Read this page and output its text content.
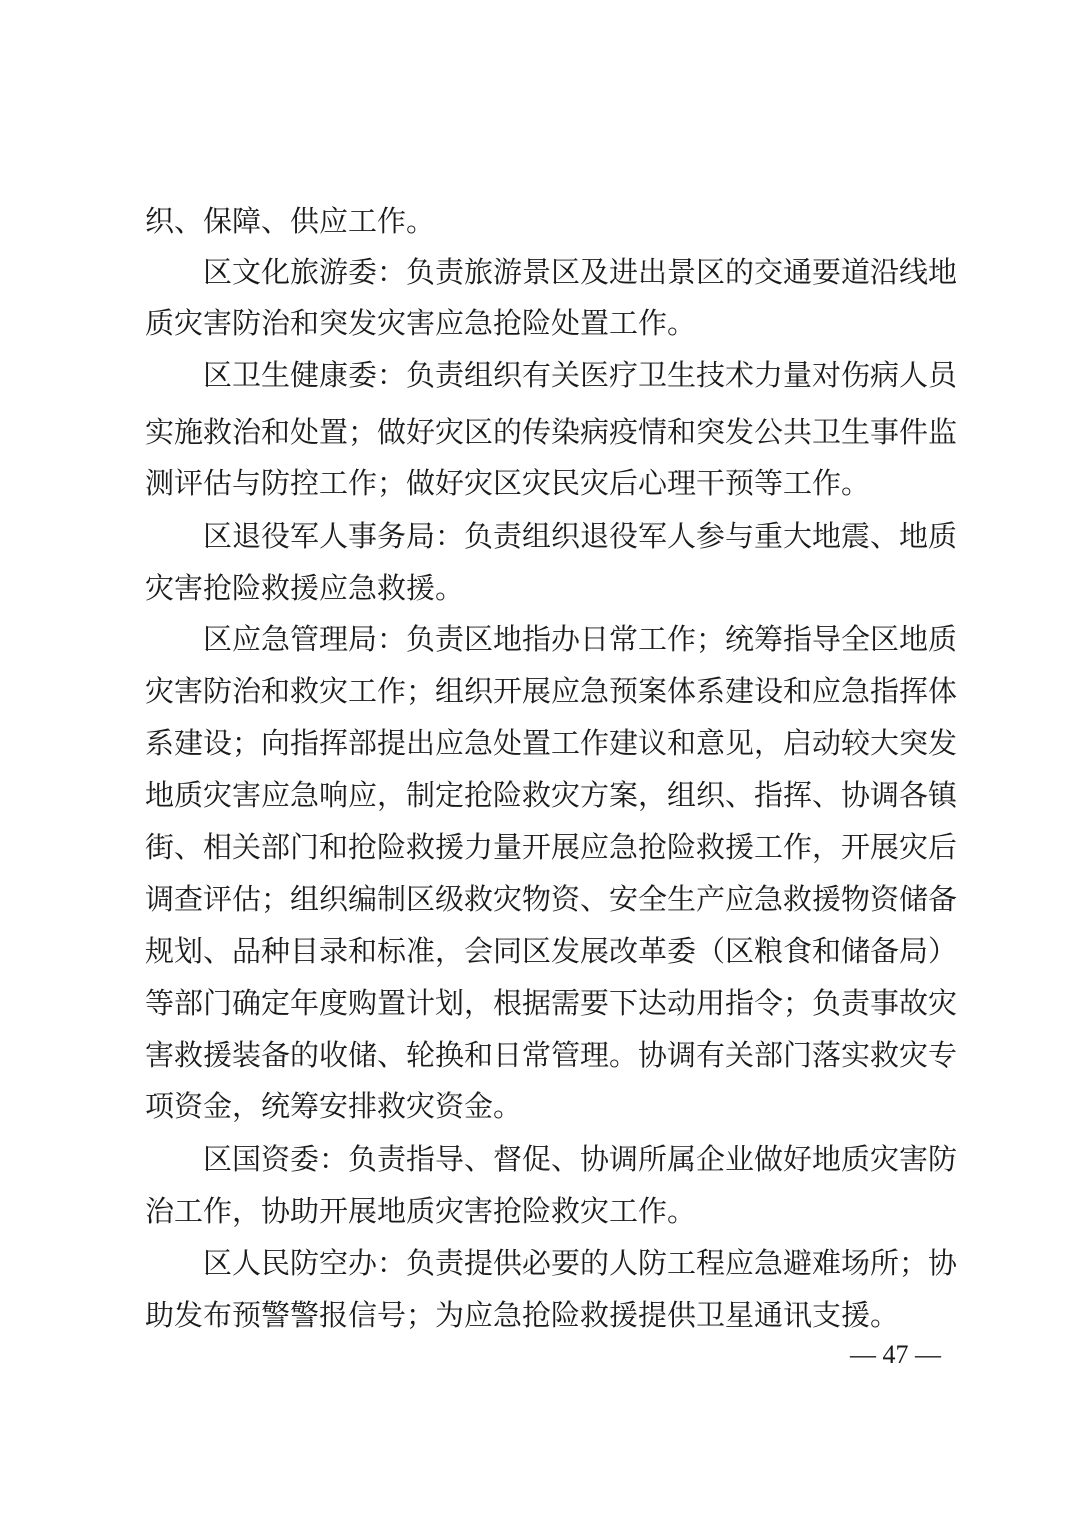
织、保障、供应工作。
区文化旅游委：负责旅游景区及进出景区的交通要道沿线地
质灾害防治和突发灾害应急抢险处置工作。
区卫生健康委：负责组织有关医疗卫生技术力量对伤病人员
实施救治和处置；做好灾区的传染病疫情和突发公共卫生事件监
测评估与防控工作；做好灾区灾民灾后心理干预等工作。
区退役军人事务局：负责组织退役军人参与重大地震、地质
灾害抢险救援应急救援。
区应急管理局：负责区地指办日常工作；统筹指导全区地质
灾害防治和救灾工作；组织开展应急预案体系建设和应急指挥体
系建设；向指挥部提出应急处置工作建议和意见，启动较大突发
地质灾害应急响应，制定抢险救灾方案，组织、指挥、协调各镇
街、相关部门和抢险救援力量开展应急抢险救援工作，开展灾后
调查评估；组织编制区级救灾物资、安全生产应急救援物资储备
规划、品种目录和标准，会同区发展改革委（区粮食和储备局）
等部门确定年度购置计划，根据需要下达动用指令；负责事故灾
害救援装备的收储、轮换和日常管理。协调有关部门落实救灾专
项资金，统筹安排救灾资金。
区国资委：负责指导、督促、协调所属企业做好地质灾害防
治工作，协助开展地质灾害抢险救灾工作。
区人民防空办：负责提供必要的人防工程应急避难场所；协
助发布预警警报信号；为应急抢险救援提供卫星通讯支援。
— 47 —
